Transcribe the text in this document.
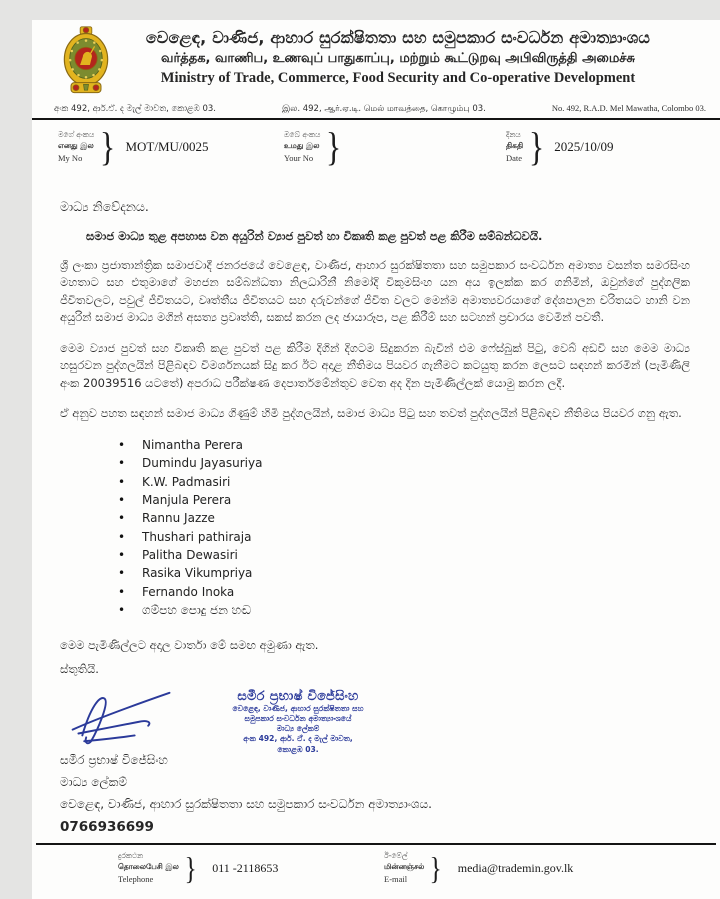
වෙළෙඳ, වාණිජ, ආහාර සුරක්ෂිතතා සහ සමුපකාර සංවර්ධන අමාත්‍යාංශය
வர்த்தக, வாணிப, உணவுப் பாதுகாப்பு, மற்றும் கூட்டுறவு அபிவிருத்தி அமைச்சு
Ministry of Trade, Commerce, Food Security and Co-operative Development
අංක 492, ආර්.ඒ. ද මැල් මාවත, කොළඹ 03.	இல. 492, ஆர்.ஏ.டி. மெல் மாவத்தை, கொழும்பு 03.	No. 492, R.A.D. Mel Mawatha, Colombo 03.
මගේ අංකය
எனது இல
My No } MOT/MU/0025
ඔබේ අංකය
உமது இல
Your No }	දිනය
திகதி
Date } 2025/10/09
මාධ්‍ය නිවේදනය.
සමාජ මාධ්‍ය තුළ අපහාස වන අයුරින් ව්‍යාජ පුවත් හා විකෘති කළ පුවත් පළ කිරීම සම්බන්ධවයි.

ශ්‍රී ලංකා ප්‍රජාතාන්ත්‍රික සමාජවාදී ජනරජයේ වෙළෙඳ, වාණිජ, ආහාර සුරක්ෂිතතා සහ සමුපකාර සංවර්ධන අමාත්‍ය වසන්ත සමරසිංහ මහතාට සහ එතුමාගේ මහජන සම්බන්ධතා නිලධාරිනී නිමෝදි විකුමසිංහ යන අය ඉලක්ක කර ගනිමින්, ඔවුන්ගේ පුද්ගලික ජීවිතවලට, පවුල් ජීවිතයට, වෘත්තීය ජීවිතයට සහ දරුවන්ගේ ජීවිත වලට මෙන්ම අමාත්‍යවරයාගේ දේශපාලන චරිතයට හානි වන අයුරින් සමාජ මාධ්‍ය මගින් අසත්‍ය ප්‍රවෘත්ති, සකස් කරන ලද ඡායාරූප, පළ කිරීම් සහ සටහන් ප්‍රචාරය වෙමින් පවතී.

මෙම ව්‍යාජ පුවත් සහ විකෘති කළ පුවත් පළ කිරීම දිගින් දිගටම සිදුකරන බැවින් එම ෆේස්බුක් පිටු, වෙබ් අඩවි සහ මෙම මාධ්‍ය හසුරවන පුද්ගලයින් පිළිබඳව විමර්ශනයක් සිදු කර ඊට අදාළ නීතිමය පියවර ගැනීමට කටයුතු කරන ලෙසට සඳහන් කරමින් (පැමිණිලි අංක 20039516 යටතේ) අපරාධ පරීක්ෂණ දෙපාර්තමේන්තුව වෙත අද දින පැමිණිල්ලක් යොමු කරන ලදී.

ඒ අනුව පහත සඳහන් සමාජ මාධ්‍ය ගිණුම් හිමි පුද්ගලයින්, සමාජ මාධ්‍ය පිටු සහ තවත් පුද්ගලයින් පිළිබඳව නීතිමය පියවර ගනු ඇත.

• Nimantha Perera
• Dumindu Jayasuriya
• K.W. Padmasiri
• Manjula Perera
• Rannu Jazze
• Thushari pathiraja
• Palitha Dewasiri
• Rasika Vikumpriya
• Fernando Inoka
• ගම්පහ පොදු ජන හඬ
මෙම පැමිණිල්ලට අදාල වාර්තා මේ සමඟ අමුණා ඇත.
ස්තුතියි.
සමීර ප්‍රභාෂ් විජේසිංහ
වෙළෙඳ, වාණිජ, ආහාර සුරක්ෂිතතා සහ
සමුපකාර සංවර්ධන අමාත්‍යාංශයේ
මාධ්‍ය ලේකම්
අංක 492, ආර්. ඒ. ද මැල් මාවත,
කොළඹ 03.
සමීර ප්‍රභාෂ් විජේසිංහ
මාධ්‍ය ලේකම්
වෙළෙඳ, වාණිජ, ආහාර සුරක්ෂිතතා සහ සමුපකාර සංවර්ධන අමාත්‍යාංශය.
0766936699
දුරකථන
தொலைபேசி இல
Telephone } 011 -2118653
ඊ-මේල්
மின்னஞ்சல்
E-mail } media@trademin.gov.lk
